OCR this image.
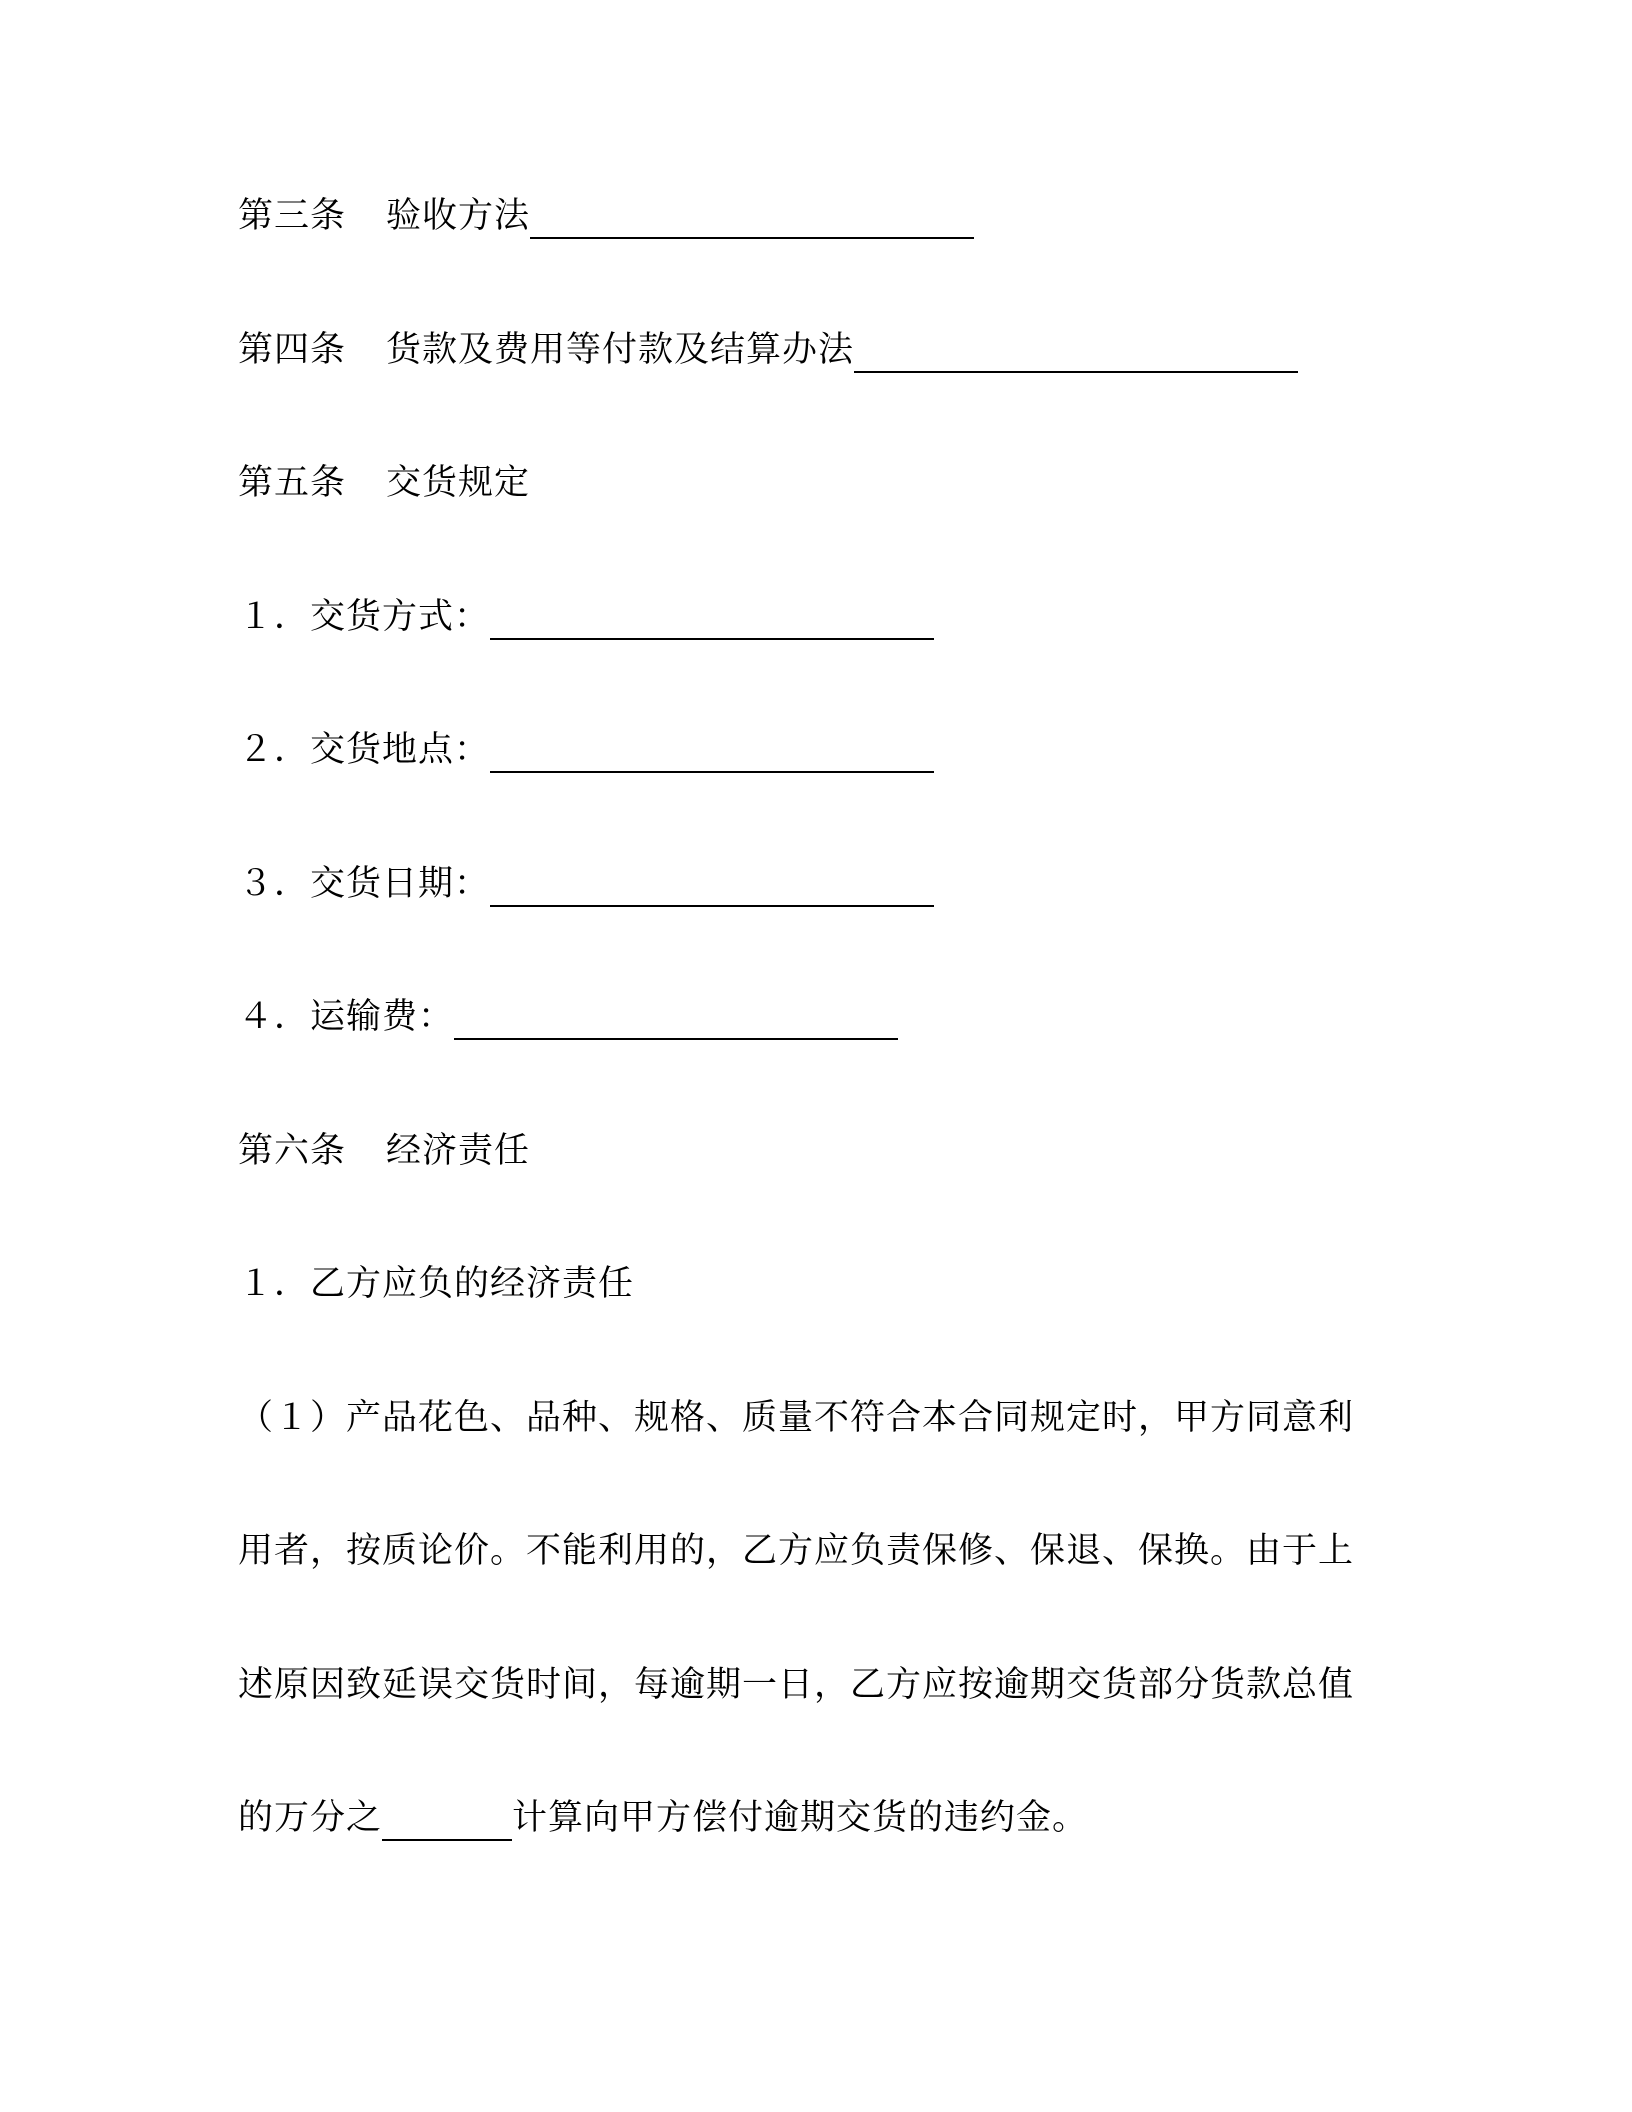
第三条 验收方法
第四条 货款及费用等付款及结算办法
第五条 交货规定
１．交货方式：
２．交货地点：
３．交货日期：
４．运输费：
第六条 经济责任
１．乙方应负的经济责任
（１）产品花色、品种、规格、质量不符合本合同规定时，甲方同意利
用者，按质论价。不能利用的，乙方应负责保修、保退、保换。由于上
述原因致延误交货时间，每逾期一日，乙方应按逾期交货部分货款总值
的万分之	计算向甲方偿付逾期交货的违约金。
